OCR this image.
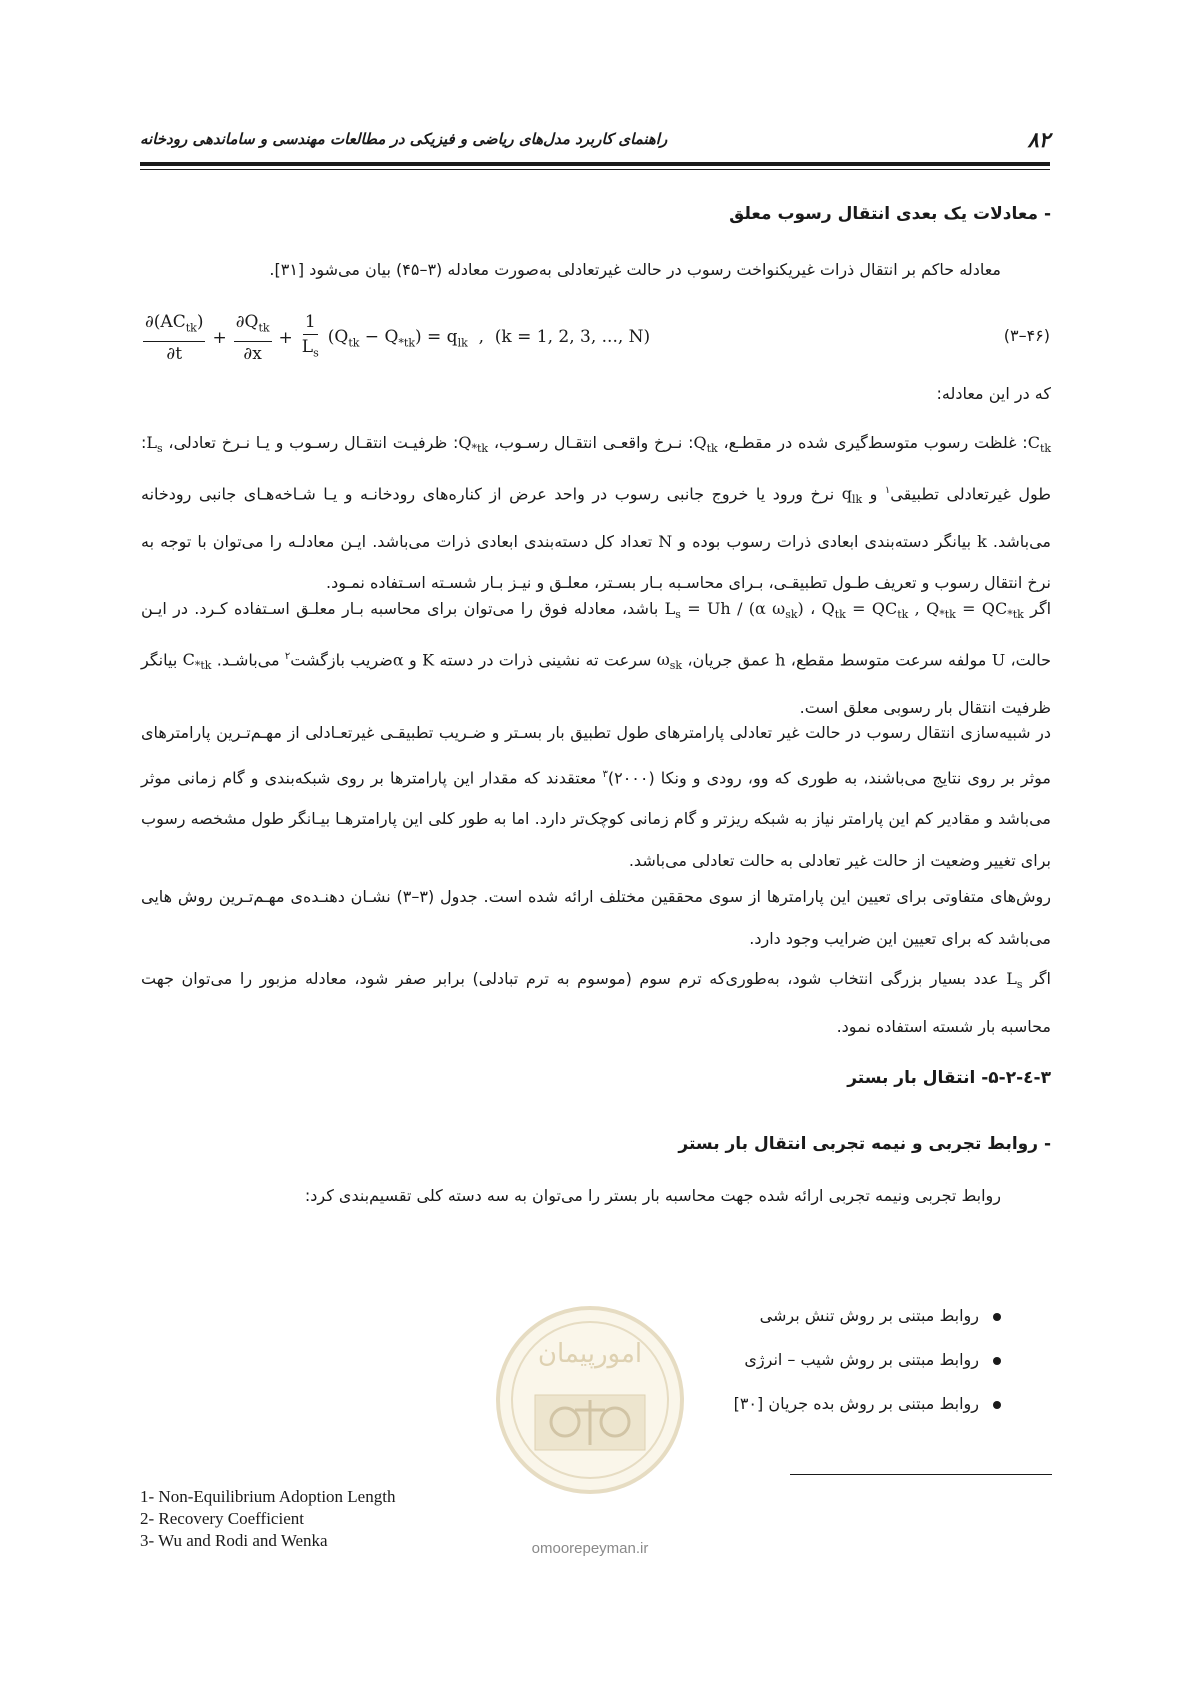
۸۲
راهنمای کاربرد مدل‌های ریاضی و فیزیکی در مطالعات مهندسی و ساماندهی رودخانه
- معادلات یک بعدی انتقال رسوب معلق
معادله حاکم بر انتقال ذرات غیریکنواخت رسوب در حالت غیرتعادلی به‌صورت معادله (۳–۴۵) بیان می‌شود [۳۱].
$\frac{\partial(AC_{tk})}{\partial t} + \frac{\partial Q_{tk}}{\partial x} + \frac{1}{L_s} (Q_{tk} - Q_{*tk}) = q_{lk}$  ,  (k = 1, 2, 3, ..., N)	(۴۶–۳)
که در این معادله:
$C_{tk}$: غلظت رسوب متوسط‌گیری شده در مقطـع، $Q_{tk}$: نـرخ واقعـی انتقـال رسـوب، $Q_{*tk}$: ظرفیـت انتقـال رسـوب و یـا نـرخ تعادلی، $L_s$: طول غیرتعادلی تطبیقی$^۱$ و $q_{lk}$ نرخ ورود یا خروج جانبی رسوب در واحد عرض از کناره‌های رودخانـه و یـا شـاخه‌هـای جانبی رودخانه می‌باشد. k بیانگر دسته‌بندی ابعادی ذرات رسوب بوده و N تعداد کل دسته‌بندی ابعادی ذرات می‌باشد. ایـن معادلـه را می‌توان با توجه به نرخ انتقال رسوب و تعریف طـول تطبیقـی، بـرای محاسـبه بـار بسـتر، معلـق و نیـز بـار شسـته اسـتفاده نمـود.
اگر $L_s = Uh / (\alpha$ $\omega_{sk}$) ، $Q_{tk} = QC_{tk}$ , $Q_{*tk} = QC_{*tk}$ باشد، معادله فوق را می‌توان برای محاسبه بـار معلـق اسـتفاده کـرد. در ایـن حالت، U مولفه سرعت متوسط مقطع، h عمق جریان، $\omega_{sk}$ سرعت ته نشینی ذرات در دسته K و αضریب بازگشت$^۲$ می‌باشـد. $C_{*tk}$ بیانگر ظرفیت انتقال بار رسوبی معلق است.
در شبیه‌سازی انتقال رسوب در حالت غیر تعادلی پارامترهای طول تطبیق بار بسـتر و ضـریب تطبیقـی غیرتعـادلی از مهـم‌تـرین پارامترهای موثر بر روی نتایج می‌باشند، به طوری که وو، رودی و ونکا (۲۰۰۰)$^۳$ معتقدند که مقدار این پارامترها بر روی شبکه‌بندی و گام زمانی موثر می‌باشد و مقادیر کم این پارامتر نیاز به شبکه ریزتر و گام زمانی کوچک‌تر دارد. اما به طور کلی این پارامترهـا بیـانگر طول مشخصه رسوب برای تغییر وضعیت از حالت غیر تعادلی به حالت تعادلی می‌باشد.
روش‌های متفاوتی برای تعیین این پارامترها از سوی محققین مختلف ارائه شده است. جدول (۳–۳) نشـان دهنـده‌ی مهـم‌تـرین روش هایی می‌باشد که برای تعیین این ضرایب وجود دارد.
اگر $L_s$ عدد بسیار بزرگی انتخاب شود، به‌طوری‌که ترم سوم (موسوم به ترم تبادلی) برابر صفر شود، معادله مزبور را می‌توان جهت محاسبه بار شسته استفاده نمود.
۳-٤-۵-۲- انتقال بار بستر
- روابط تجربی و نیمه تجربی انتقال بار بستر
روابط تجربی ونیمه تجربی ارائه شده جهت محاسبه بار بستر را می‌توان به سه دسته کلی تقسیم‌بندی کرد:
روابط مبتنی بر روش تنش برشی
روابط مبتنی بر روش شیب – انرژی
روابط مبتنی بر روش بده جریان [۳۰]
امورپیمان
omoorepeyman.ir
1- Non-Equilibrium Adoption Length
2- Recovery Coefficient
3- Wu and Rodi and Wenka
